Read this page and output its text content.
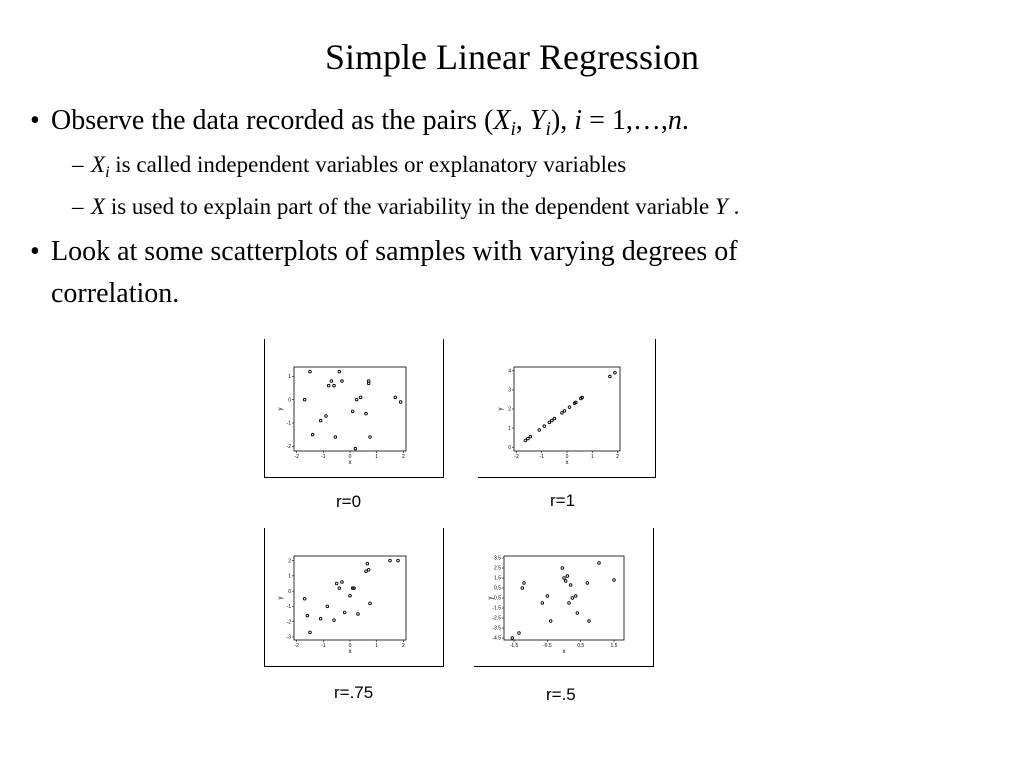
Simple Linear Regression
• Observe the data recorded as the pairs ($X_i$, $Y_i$), i = 1,…,n.
– $X_i$ is called independent variables or explanatory variables
– X is used to explain part of the variability in the dependent variable Y .
• Look at some scatterplots of samples with varying degrees of
correlation.
-2	-1	0	1	2
-2
-1
0
1
x
y
-2	-1	0	1	2
0
1
2
3
4
x
y
-2	-1	0	1	2
-3
-2
-1
0
1
2
x
y
-1.5	-0.5	0.5	1.5
3.5
2.5
1.5
0.5
-0.5
-1.5
-2.5
-3.5
-4.5
x
y
r=0	r=1
r=.75	r=.5
